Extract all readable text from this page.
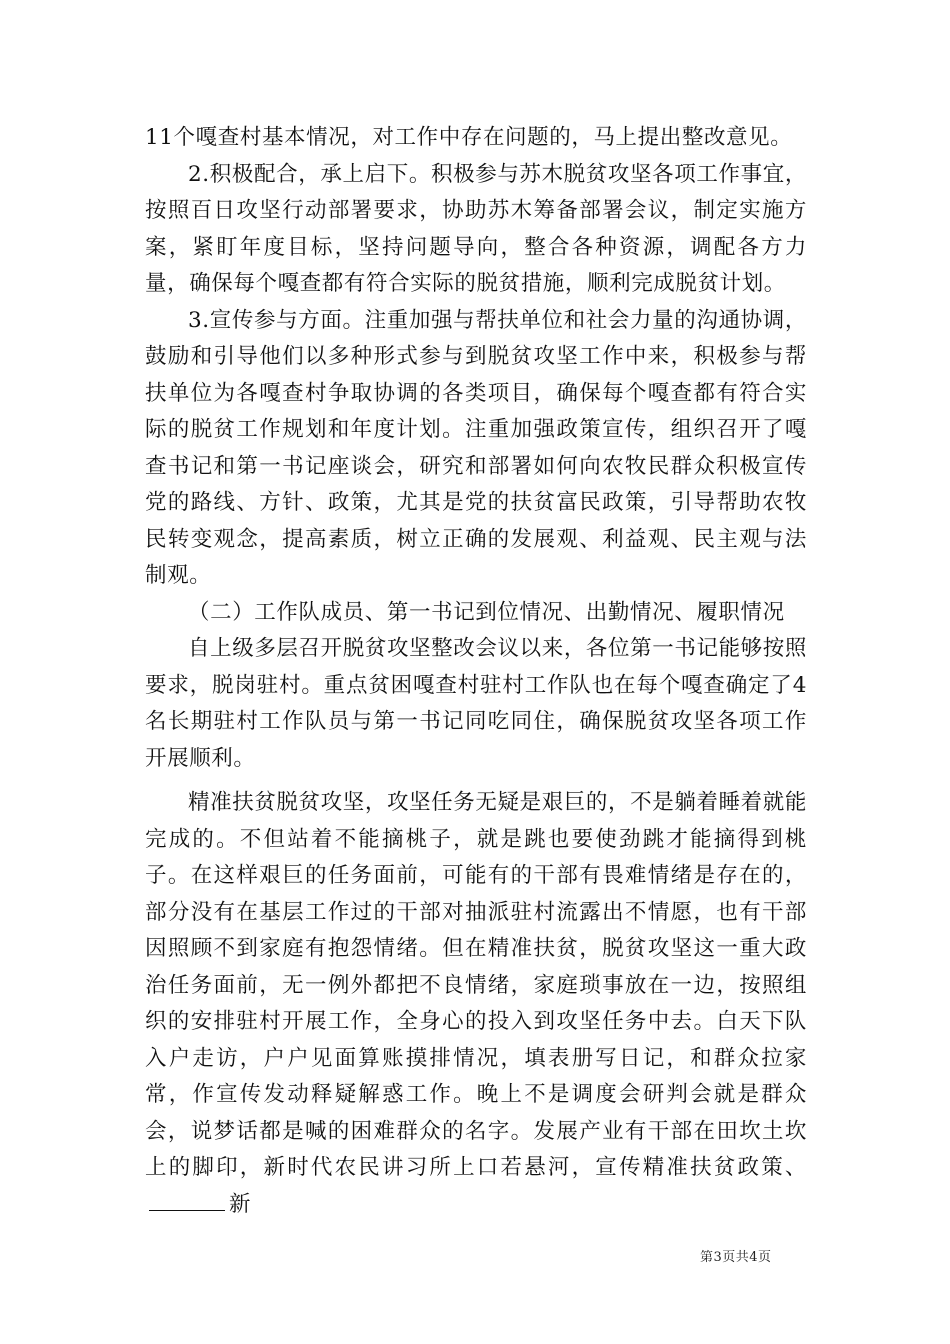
11个嘎查村基本情况，对工作中存在问题的，马上提出整改意见。

2.积极配合，承上启下。积极参与苏木脱贫攻坚各项工作事宜，按照百日攻坚行动部署要求，协助苏木筹备部署会议，制定实施方案，紧盯年度目标，坚持问题导向，整合各种资源，调配各方力量，确保每个嘎查都有符合实际的脱贫措施，顺利完成脱贫计划。

3.宣传参与方面。注重加强与帮扶单位和社会力量的沟通协调，鼓励和引导他们以多种形式参与到脱贫攻坚工作中来，积极参与帮扶单位为各嘎查村争取协调的各类项目，确保每个嘎查都有符合实际的脱贫工作规划和年度计划。注重加强政策宣传，组织召开了嘎查书记和第一书记座谈会，研究和部署如何向农牧民群众积极宣传党的路线、方针、政策，尤其是党的扶贫富民政策，引导帮助农牧民转变观念，提高素质，树立正确的发展观、利益观、民主观与法制观。

（二）工作队成员、第一书记到位情况、出勤情况、履职情况

自上级多层召开脱贫攻坚整改会议以来，各位第一书记能够按照要求，脱岗驻村。重点贫困嘎查村驻村工作队也在每个嘎查确定了4名长期驻村工作队员与第一书记同吃同住，确保脱贫攻坚各项工作开展顺利。

精准扶贫脱贫攻坚，攻坚任务无疑是艰巨的，不是躺着睡着就能完成的。不但站着不能摘桃子，就是跳也要使劲跳才能摘得到桃子。在这样艰巨的任务面前，可能有的干部有畏难情绪是存在的，部分没有在基层工作过的干部对抽派驻村流露出不情愿，也有干部因照顾不到家庭有抱怨情绪。但在精准扶贫，脱贫攻坚这一重大政治任务面前，无一例外都把不良情绪，家庭琐事放在一边，按照组织的安排驻村开展工作，全身心的投入到攻坚任务中去。白天下队入户走访，户户见面算账摸排情况，填表册写日记，和群众拉家常，作宣传发动释疑解惑工作。晚上不是调度会研判会就是群众会，说梦话都是喊的困难群众的名字。发展产业有干部在田坎土坎上的脚印，新时代农民讲习所上口若悬河，宣传精准扶贫政策、新

第3页共4页
